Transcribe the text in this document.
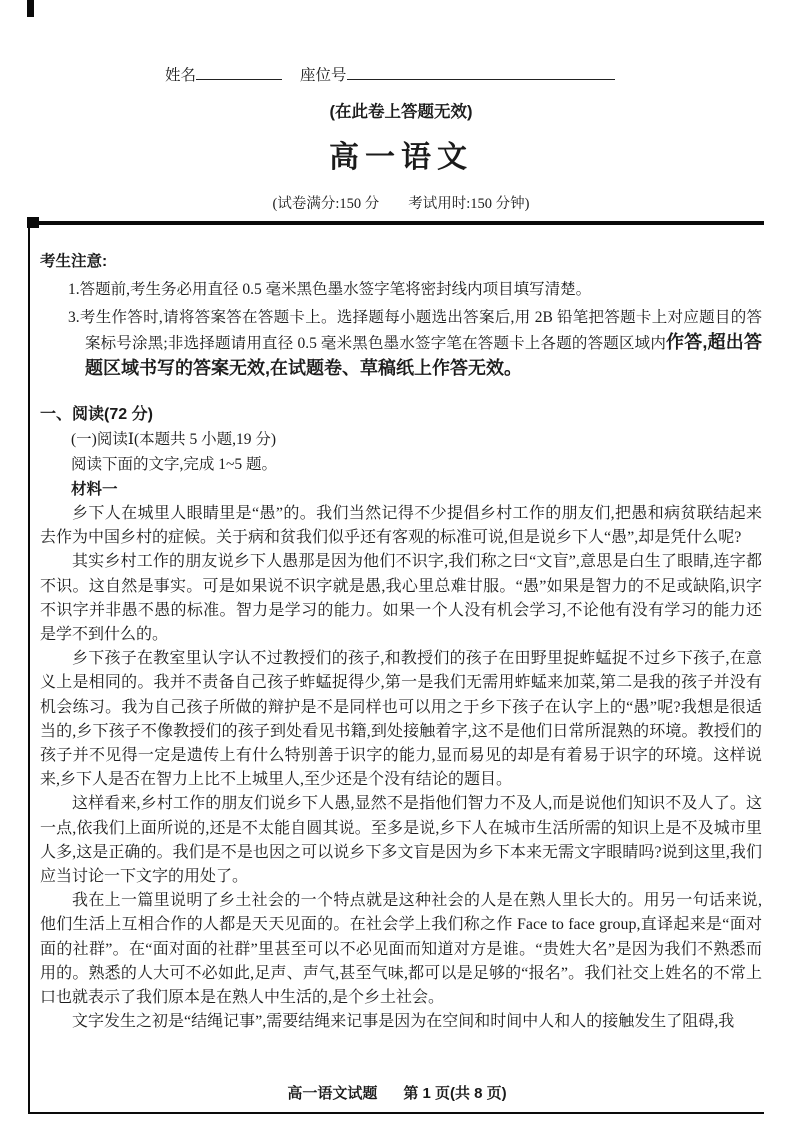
姓名	座位号
(在此卷上答题无效)
高一语文
(试卷满分:150 分　　考试用时:150 分钟)
考生注意:

1.答题前,考生务必用直径 0.5 毫米黑色墨水签字笔将密封线内项目填写清楚。

3.考生作答时,请将答案答在答题卡上。选择题每小题选出答案后,用 2B 铅笔把答题卡上对应题目的答案标号涂黑;非选择题请用直径 0.5 毫米黑色墨水签字笔在答题卡上各题的答题区域内作答,超出答题区域书写的答案无效,在试题卷、草稿纸上作答无效。

一、阅读(72 分)
(一)阅读Ⅰ(本题共 5 小题,19 分)
阅读下面的文字,完成 1~5 题。
材料一

乡下人在城里人眼睛里是“愚”的。我们当然记得不少提倡乡村工作的朋友们,把愚和病贫联结起来去作为中国乡村的症候。关于病和贫我们似乎还有客观的标准可说,但是说乡下人“愚”,却是凭什么呢?

其实乡村工作的朋友说乡下人愚那是因为他们不识字,我们称之曰“文盲”,意思是白生了眼睛,连字都不识。这自然是事实。可是如果说不识字就是愚,我心里总难甘服。“愚”如果是智力的不足或缺陷,识字不识字并非愚不愚的标准。智力是学习的能力。如果一个人没有机会学习,不论他有没有学习的能力还是学不到什么的。

乡下孩子在教室里认字认不过教授们的孩子,和教授们的孩子在田野里捉蚱蜢捉不过乡下孩子,在意义上是相同的。我并不责备自己孩子蚱蜢捉得少,第一是我们无需用蚱蜢来加菜,第二是我的孩子并没有机会练习。我为自己孩子所做的辩护是不是同样也可以用之于乡下孩子在认字上的“愚”呢?我想是很适当的,乡下孩子不像教授们的孩子到处看见书籍,到处接触着字,这不是他们日常所混熟的环境。教授们的孩子并不见得一定是遗传上有什么特别善于识字的能力,显而易见的却是有着易于识字的环境。这样说来,乡下人是否在智力上比不上城里人,至少还是个没有结论的题目。

这样看来,乡村工作的朋友们说乡下人愚,显然不是指他们智力不及人,而是说他们知识不及人了。这一点,依我们上面所说的,还是不太能自圆其说。至多是说,乡下人在城市生活所需的知识上是不及城市里人多,这是正确的。我们是不是也因之可以说乡下多文盲是因为乡下本来无需文字眼睛吗?说到这里,我们应当讨论一下文字的用处了。

我在上一篇里说明了乡土社会的一个特点就是这种社会的人是在熟人里长大的。用另一句话来说,他们生活上互相合作的人都是天天见面的。在社会学上我们称之作 Face to face group,直译起来是“面对面的社群”。在“面对面的社群”里甚至可以不必见面而知道对方是谁。“贵姓大名”是因为我们不熟悉而用的。熟悉的人大可不必如此,足声、声气,甚至气味,都可以是足够的“报名”。我们社交上姓名的不常上口也就表示了我们原本是在熟人中生活的,是个乡土社会。

文字发生之初是“结绳记事”,需要结绳来记事是因为在空间和时间中人和人的接触发生了阻碍,我

高一语文试题 第 1 页(共 8 页)
